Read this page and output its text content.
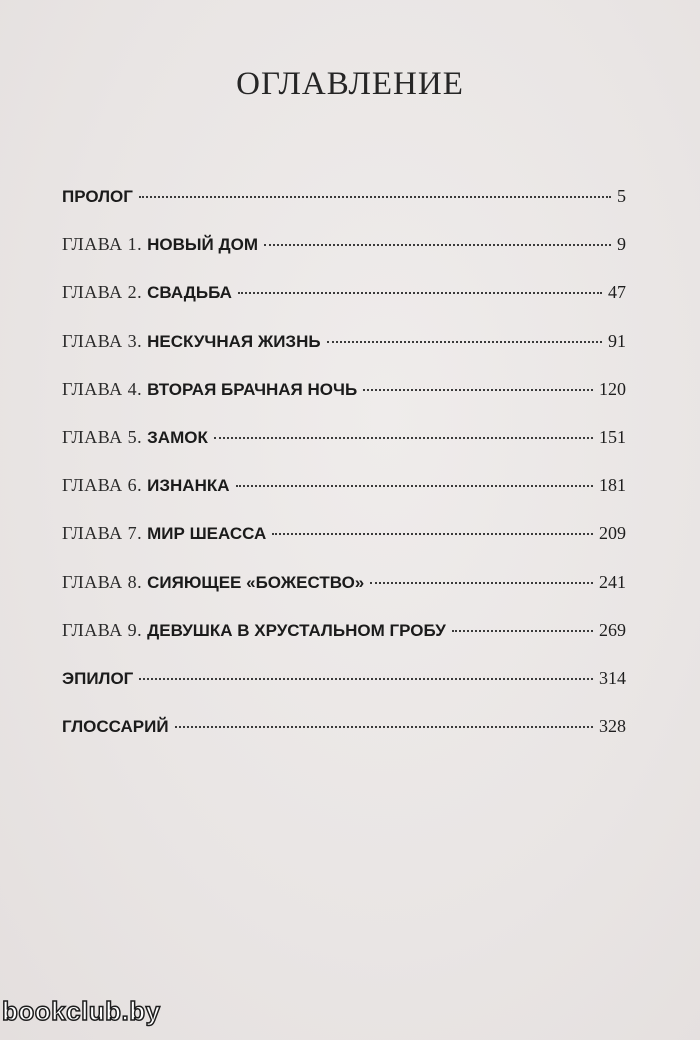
ОГЛАВЛЕНИЕ
ПРОЛОГ	5
ГЛАВА 1. НОВЫЙ ДОМ	9
ГЛАВА 2. СВАДЬБА	47
ГЛАВА 3. НЕСКУЧНАЯ ЖИЗНЬ	91
ГЛАВА 4. ВТОРАЯ БРАЧНАЯ НОЧЬ	120
ГЛАВА 5. ЗАМОК	151
ГЛАВА 6. ИЗНАНКА	181
ГЛАВА 7. МИР ШЕАССА	209
ГЛАВА 8. СИЯЮЩЕЕ «БОЖЕСТВО»	241
ГЛАВА 9. ДЕВУШКА В ХРУСТАЛЬНОМ ГРОБУ	269
ЭПИЛОГ	314
ГЛОССАРИЙ	328
bookclub.by
